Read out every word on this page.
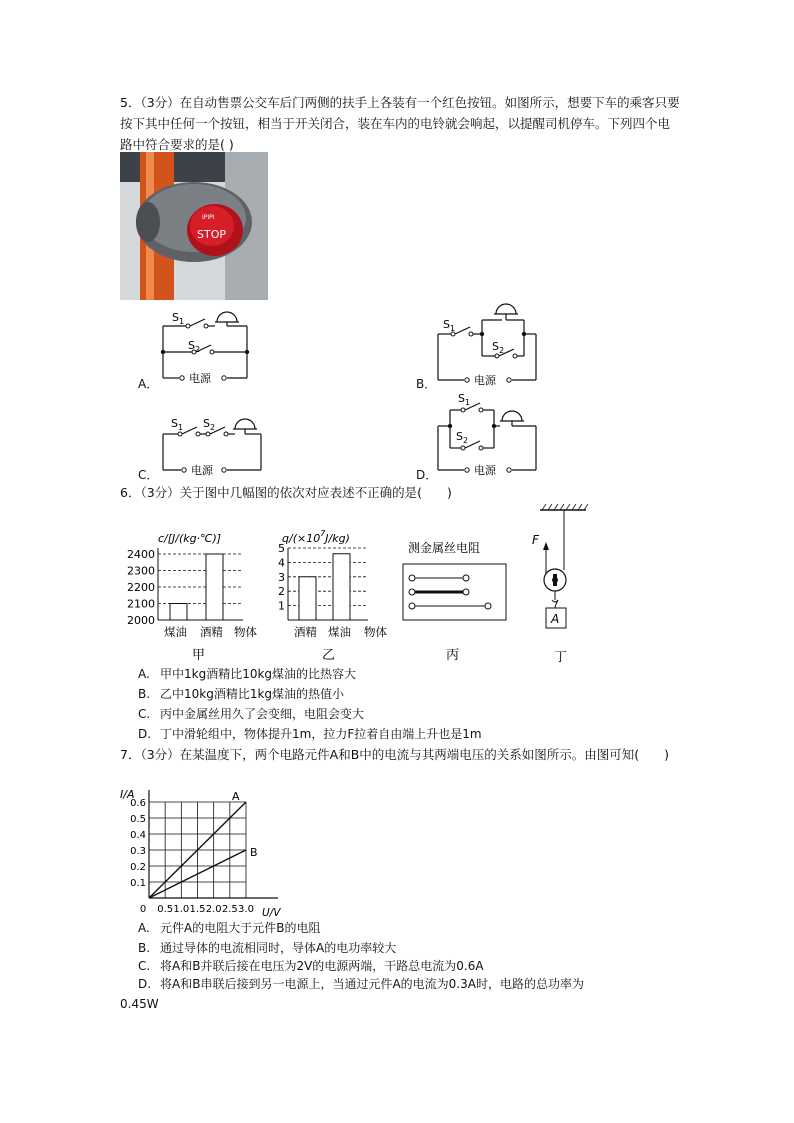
5．（3分）在自动售票公交车后门两侧的扶手上各装有一个红色按钮。如图所示，想要下车的乘客只要按下其中任何一个按钮，相当于开关闭合，装在车内的电铃就会响起，以提醒司机停车。下列四个电路中符合要求的是( )
IPIPI
STOP
$S_1$
$S_2$
电源
A．
$S_1$
$S_2$
电源
B．
$S_1$ $S_2$
电源
C．
$S_1$
$S_2$
电源
D．
6．（3分）关于图中几幅图的依次对应表述不正确的是(　　)
c/[J/(kg·℃)]
2000
2100
2200
2300
2400
煤油 酒精 物体
甲
$q/(\times 10^7J/kg)$
1
2
3
4
5
酒精 煤油 物体
乙
测金属丝电阻
丙
F
A
丁
A. 甲中1kg酒精比10kg煤油的比热容大
B. 乙中10kg酒精比1kg煤油的热值小
C. 丙中金属丝用久了会变细，电阻会变大
D. 丁中滑轮组中，物体提升1m，拉力F拉着自由端上升也是1m
7．（3分）在某温度下，两个电路元件A和B中的电流与其两端电压的关系如图所示。由图可知(　　)
I/A	A
B
0.1
0.2
0.3
0.4
0.5
0.6
0 0.5 1.0 1.5 2.0 2.5 3.0 U/V
A. 元件A的电阻大于元件B的电阻
B. 通过导体的电流相同时，导体A的电功率较大
C. 将A和B并联后接在电压为2V的电源两端，干路总电流为0.6A
D. 将A和B串联后接到另一电源上，当通过元件A的电流为0.3A时，电路的总功率为
0.45W
